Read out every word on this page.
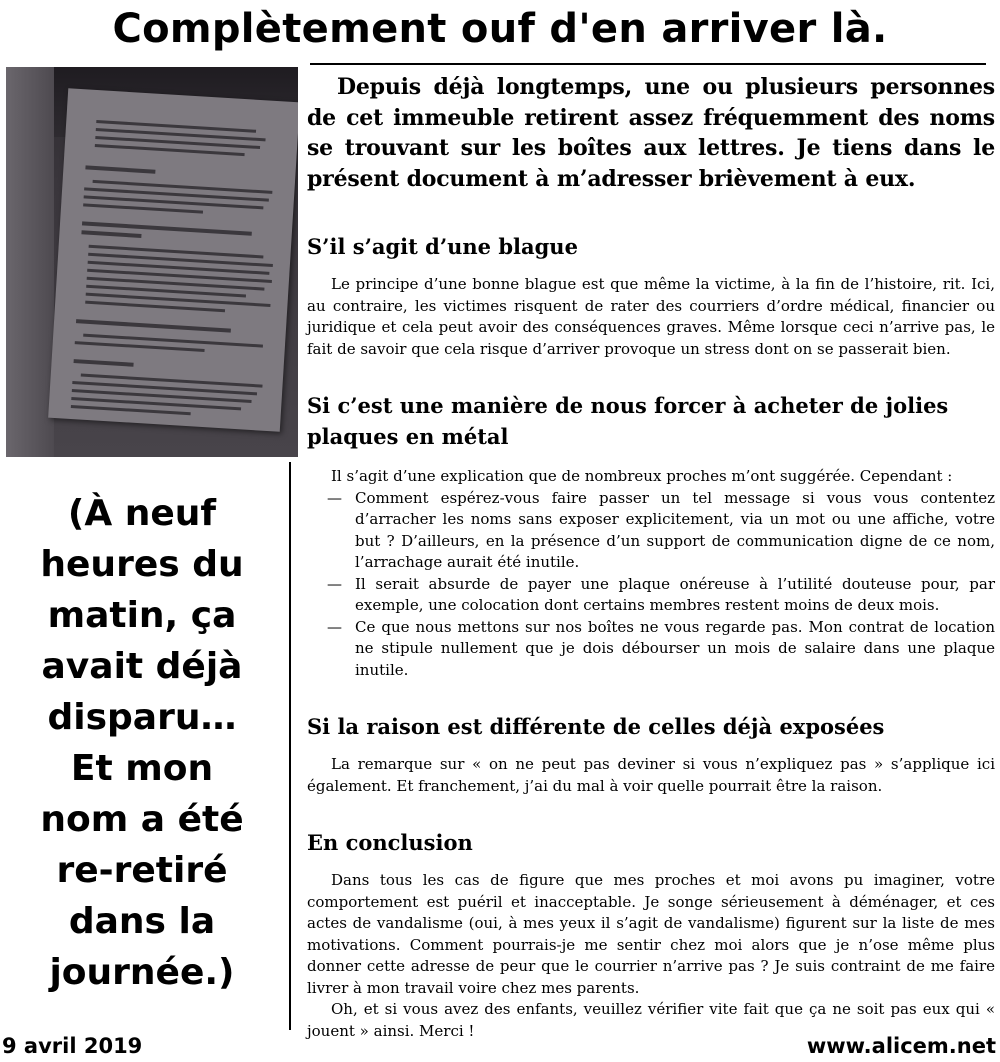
Complètement ouf d'en arriver là.

(À neuf heures du matin, ça avait déjà disparu… Et mon nom a été re-retiré dans la journée.)

Depuis déjà longtemps, une ou plusieurs personnes de cet immeuble retirent assez fréquemment des noms se trouvant sur les boîtes aux lettres. Je tiens dans le présent document à m’adresser brièvement à eux.

S’il s’agit d’une blague

Le principe d’une bonne blague est que même la victime, à la fin de l’histoire, rit. Ici, au contraire, les victimes risquent de rater des courriers d’ordre médical, financier ou juridique et cela peut avoir des conséquences graves. Même lorsque ceci n’arrive pas, le fait de savoir que cela risque d’arriver provoque un stress dont on se passerait bien.

Si c’est une manière de nous forcer à acheter de jolies plaques en métal

Il s’agit d’une explication que de nombreux proches m’ont suggérée. Cependant :

— Comment espérez-vous faire passer un tel message si vous vous contentez d’arracher les noms sans exposer explicitement, via un mot ou une affiche, votre but ? D’ailleurs, en la présence d’un support de communication digne de ce nom, l’arrachage aurait été inutile.
— Il serait absurde de payer une plaque onéreuse à l’utilité douteuse pour, par exemple, une colocation dont certains membres restent moins de deux mois.
— Ce que nous mettons sur nos boîtes ne vous regarde pas. Mon contrat de location ne stipule nullement que je dois débourser un mois de salaire dans une plaque inutile.
Si la raison est différente de celles déjà exposées

La remarque sur « on ne peut pas deviner si vous n’expliquez pas » s’applique ici également. Et franchement, j’ai du mal à voir quelle pourrait être la raison.

En conclusion

Dans tous les cas de figure que mes proches et moi avons pu imaginer, votre comportement est puéril et inacceptable. Je songe sérieusement à déménager, et ces actes de vandalisme (oui, à mes yeux il s’agit de vandalisme) figurent sur la liste de mes motivations. Comment pourrais-je me sentir chez moi alors que je n’ose même plus donner cette adresse de peur que le courrier n’arrive pas ? Je suis contraint de me faire livrer à mon travail voire chez mes parents.

Oh, et si vous avez des enfants, veuillez vérifier vite fait que ça ne soit pas eux qui « jouent » ainsi. Merci !

9 avril 2019	www.alicem.net
